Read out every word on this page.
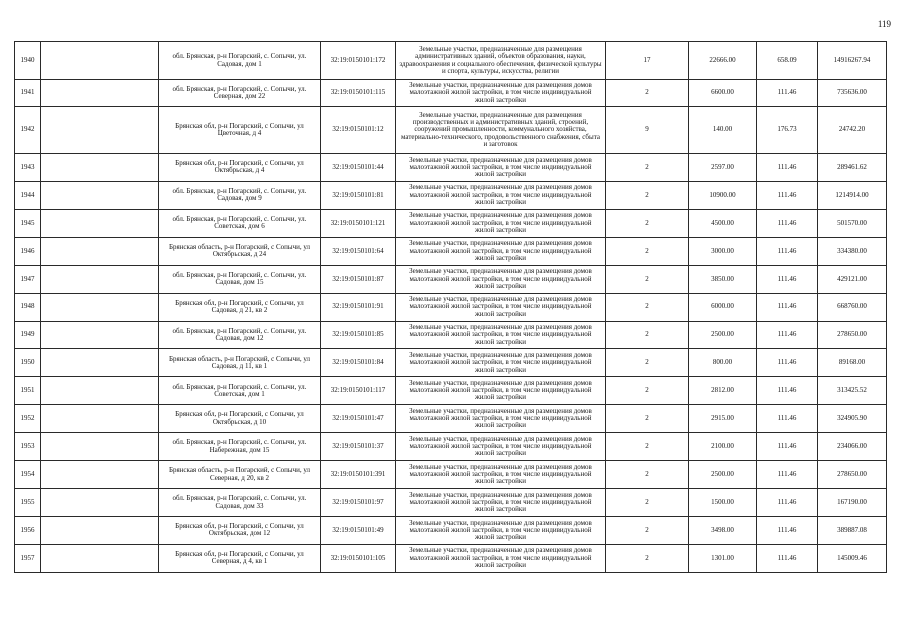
119
1940		обл. Брянская, р-н Погарский, с. Сопычи, ул. Садовая, дом 1	32:19:0150101:172	Земельные участки, предназначенные для размещения административных зданий, объектов образования, науки, здравоохранения и социального обеспечения, физической культуры и спорта, культуры, искусства, религии	17	22666.00	658.09	14916267.94
1941		обл. Брянская, р-н Погарский, с. Сопычи, ул. Северная, дом 22	32:19:0150101:115	Земельные участки, предназначенные для размещения домов малоэтажной жилой застройки, в том числе индивидуальной жилой застройки	2	6600.00	111.46	735636.00
1942		Брянская обл, р-н Погарский, с Сопычи, ул Цветочная, д 4	32:19:0150101:12	Земельные участки, предназначенные для размещения производственных и административных зданий, строений, сооружений промышленности, коммунального хозяйства, материально-технического, продовольственного снабжения, сбыта и заготовок	9	140.00	176.73	24742.20
1943		Брянская обл, р-н Погарский, с Сопычи, ул Октябрьская, д 4	32:19:0150101:44	Земельные участки, предназначенные для размещения домов малоэтажной жилой застройки, в том числе индивидуальной жилой застройки	2	2597.00	111.46	289461.62
1944		обл. Брянская, р-н Погарский, с. Сопычи, ул. Садовая, дом 9	32:19:0150101:81	Земельные участки, предназначенные для размещения домов малоэтажной жилой застройки, в том числе индивидуальной жилой застройки	2	10900.00	111.46	1214914.00
1945		обл. Брянская, р-н Погарский, с. Сопычи, ул. Советская, дом 6	32:19:0150101:121	Земельные участки, предназначенные для размещения домов малоэтажной жилой застройки, в том числе индивидуальной жилой застройки	2	4500.00	111.46	501570.00
1946		Брянская область, р-н Погарский, с Сопычи, ул Октябрьская, д 24	32:19:0150101:64	Земельные участки, предназначенные для размещения домов малоэтажной жилой застройки, в том числе индивидуальной жилой застройки	2	3000.00	111.46	334380.00
1947		обл. Брянская, р-н Погарский, с. Сопычи, ул. Садовая, дом 15	32:19:0150101:87	Земельные участки, предназначенные для размещения домов малоэтажной жилой застройки, в том числе индивидуальной жилой застройки	2	3850.00	111.46	429121.00
1948		Брянская обл, р-н Погарский, с Сопычи, ул Садовая, д 21, кв 2	32:19:0150101:91	Земельные участки, предназначенные для размещения домов малоэтажной жилой застройки, в том числе индивидуальной жилой застройки	2	6000.00	111.46	668760.00
1949		обл. Брянская, р-н Погарский, с. Сопычи, ул. Садовая, дом 12	32:19:0150101:85	Земельные участки, предназначенные для размещения домов малоэтажной жилой застройки, в том числе индивидуальной жилой застройки	2	2500.00	111.46	278650.00
1950		Брянская область, р-н Погарский, с Сопычи, ул Садовая, д 11, кв 1	32:19:0150101:84	Земельные участки, предназначенные для размещения домов малоэтажной жилой застройки, в том числе индивидуальной жилой застройки	2	800.00	111.46	89168.00
1951		обл. Брянская, р-н Погарский, с. Сопычи, ул. Советская, дом 1	32:19:0150101:117	Земельные участки, предназначенные для размещения домов малоэтажной жилой застройки, в том числе индивидуальной жилой застройки	2	2812.00	111.46	313425.52
1952		Брянская обл, р-н Погарский, с Сопычи, ул Октябрьская, д 10	32:19:0150101:47	Земельные участки, предназначенные для размещения домов малоэтажной жилой застройки, в том числе индивидуальной жилой застройки	2	2915.00	111.46	324905.90
1953		обл. Брянская, р-н Погарский, с. Сопычи, ул. Набережная, дом 15	32:19:0150101:37	Земельные участки, предназначенные для размещения домов малоэтажной жилой застройки, в том числе индивидуальной жилой застройки	2	2100.00	111.46	234066.00
1954		Брянская область, р-н Погарский, с Сопычи, ул Северная, д 20, кв 2	32:19:0150101:391	Земельные участки, предназначенные для размещения домов малоэтажной жилой застройки, в том числе индивидуальной жилой застройки	2	2500.00	111.46	278650.00
1955		обл. Брянская, р-н Погарский, с. Сопычи, ул. Садовая, дом 33	32:19:0150101:97	Земельные участки, предназначенные для размещения домов малоэтажной жилой застройки, в том числе индивидуальной жилой застройки	2	1500.00	111.46	167190.00
1956		Брянская обл, р-н Погарский, с Сопычи, ул Октябрьская, дом 12	32:19:0150101:49	Земельные участки, предназначенные для размещения домов малоэтажной жилой застройки, в том числе индивидуальной жилой застройки	2	3498.00	111.46	389887.08
1957		Брянская обл, р-н Погарский, с Сопычи, ул Северная, д 4, кв 1	32:19:0150101:105	Земельные участки, предназначенные для размещения домов малоэтажной жилой застройки, в том числе индивидуальной жилой застройки	2	1301.00	111.46	145009.46
